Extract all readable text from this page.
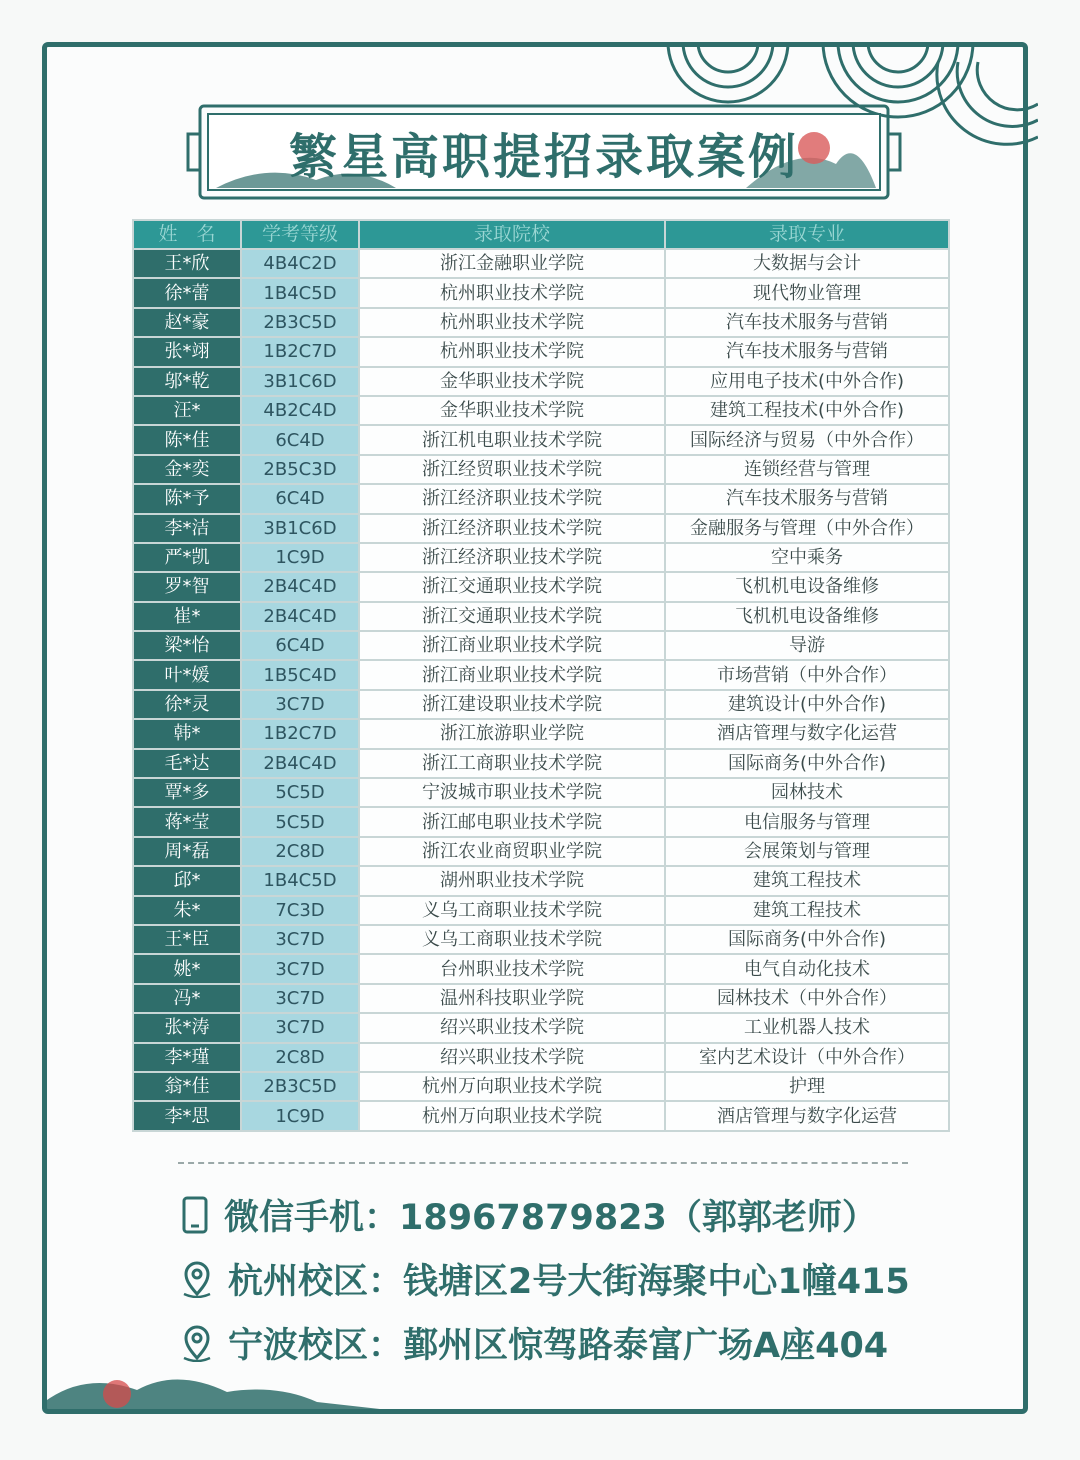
繁星高职提招录取案例
姓　名	学考等级	录取院校	录取专业
王*欣	4B4C2D	浙江金融职业学院	大数据与会计
徐*蕾	1B4C5D	杭州职业技术学院	现代物业管理
赵*豪	2B3C5D	杭州职业技术学院	汽车技术服务与营销
张*翊	1B2C7D	杭州职业技术学院	汽车技术服务与营销
邬*乾	3B1C6D	金华职业技术学院	应用电子技术(中外合作)
汪*	4B2C4D	金华职业技术学院	建筑工程技术(中外合作)
陈*佳	6C4D	浙江机电职业技术学院	国际经济与贸易（中外合作）
金*奕	2B5C3D	浙江经贸职业技术学院	连锁经营与管理
陈*予	6C4D	浙江经济职业技术学院	汽车技术服务与营销
李*洁	3B1C6D	浙江经济职业技术学院	金融服务与管理（中外合作）
严*凯	1C9D	浙江经济职业技术学院	空中乘务
罗*智	2B4C4D	浙江交通职业技术学院	飞机机电设备维修
崔*	2B4C4D	浙江交通职业技术学院	飞机机电设备维修
梁*怡	6C4D	浙江商业职业技术学院	导游
叶*媛	1B5C4D	浙江商业职业技术学院	市场营销（中外合作）
徐*灵	3C7D	浙江建设职业技术学院	建筑设计(中外合作)
韩*	1B2C7D	浙江旅游职业学院	酒店管理与数字化运营
毛*达	2B4C4D	浙江工商职业技术学院	国际商务(中外合作)
覃*多	5C5D	宁波城市职业技术学院	园林技术
蒋*莹	5C5D	浙江邮电职业技术学院	电信服务与管理
周*磊	2C8D	浙江农业商贸职业学院	会展策划与管理
邱*	1B4C5D	湖州职业技术学院	建筑工程技术
朱*	7C3D	义乌工商职业技术学院	建筑工程技术
王*臣	3C7D	义乌工商职业技术学院	国际商务(中外合作)
姚*	3C7D	台州职业技术学院	电气自动化技术
冯*	3C7D	温州科技职业学院	园林技术（中外合作）
张*涛	3C7D	绍兴职业技术学院	工业机器人技术
李*瑾	2C8D	绍兴职业技术学院	室内艺术设计（中外合作）
翁*佳	2B3C5D	杭州万向职业技术学院	护理
李*思	1C9D	杭州万向职业技术学院	酒店管理与数字化运营
微信手机：18967879823（郭郭老师）
杭州校区：钱塘区2号大街海聚中心1幢415
宁波校区：鄞州区惊驾路泰富广场A座404
